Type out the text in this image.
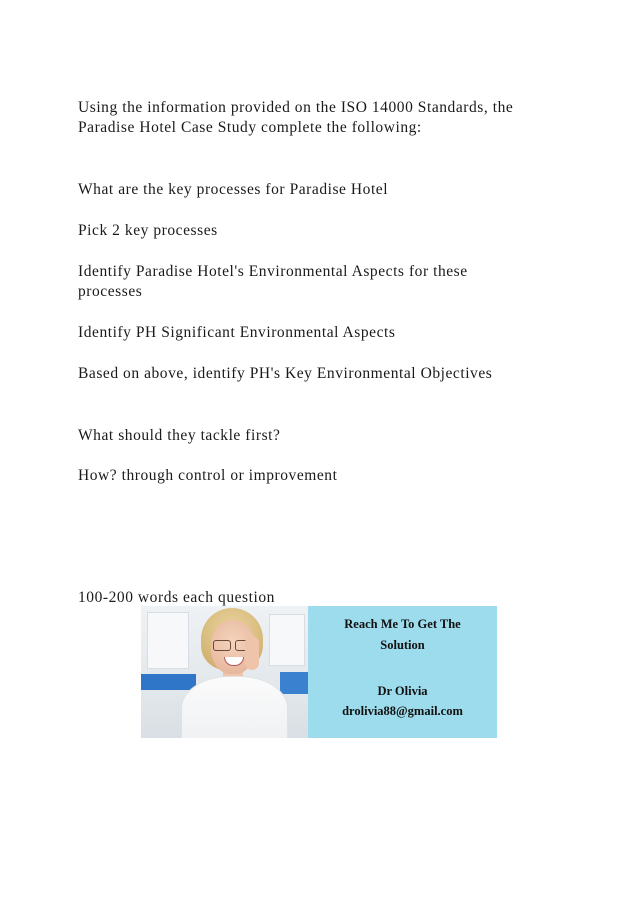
Using the information provided on the ISO 14000 Standards, the
Paradise Hotel Case Study complete the following:

What are the key processes for Paradise Hotel

Pick 2 key processes

Identify Paradise Hotel's Environmental Aspects for these
processes

Identify PH Significant Environmental Aspects

Based on above, identify PH's Key Environmental Objectives

What should they tackle first?

How? through control or improvement

100-200 words each question

Reach Me To Get The
Solution
Dr Olivia
drolivia88@gmail.com
